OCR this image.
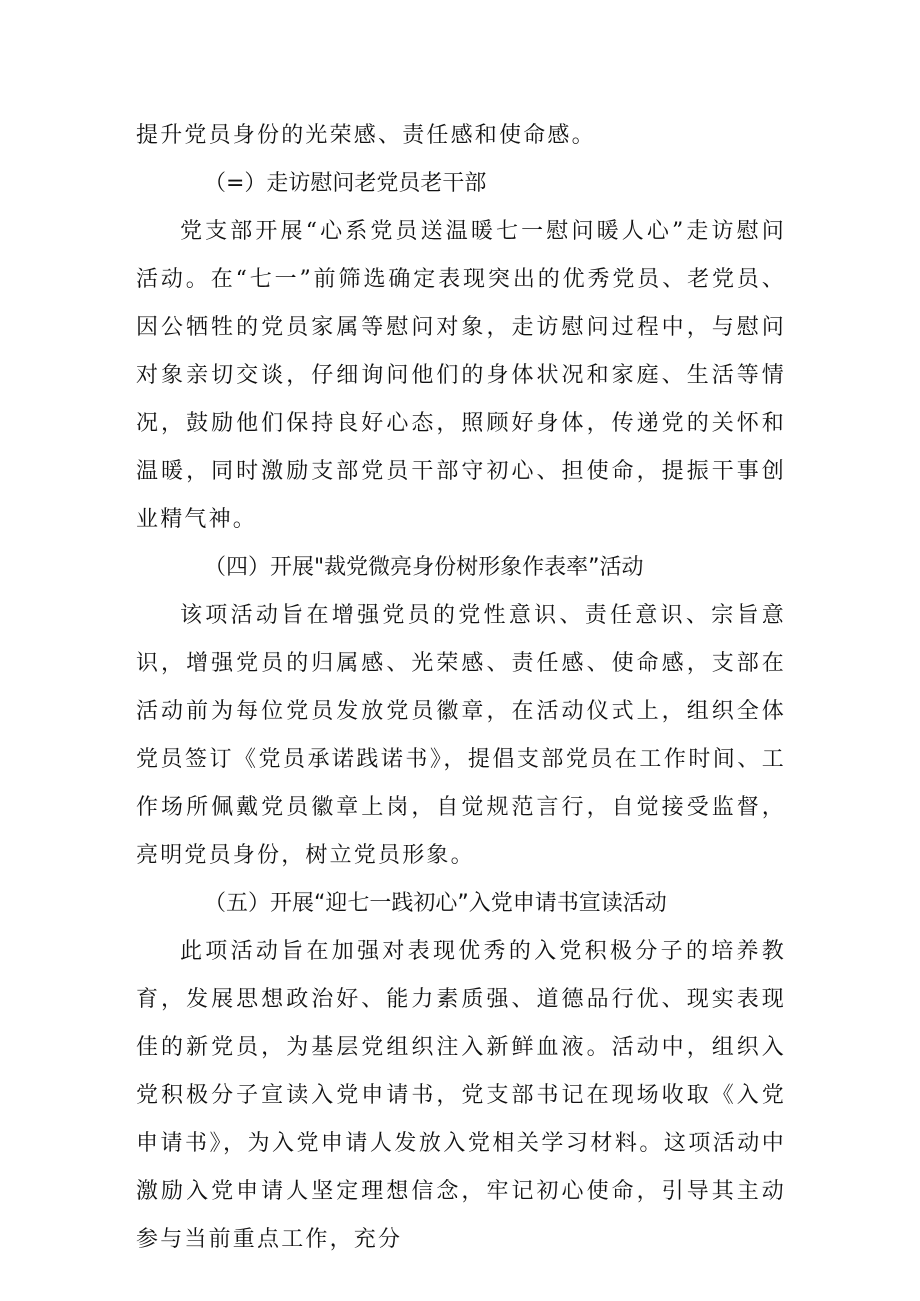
提升党员身份的光荣感、责任感和使命感。

（=）走访慰问老党员老干部

党支部开展“心系党员送温暖七一慰问暖人心”走访慰问活动。在“七一”前筛选确定表现突出的优秀党员、老党员、因公牺牲的党员家属等慰问对象，走访慰问过程中，与慰问对象亲切交谈，仔细询问他们的身体状况和家庭、生活等情况，鼓励他们保持良好心态，照顾好身体，传递党的关怀和温暖，同时激励支部党员干部守初心、担使命，提振干事创业精气神。

（四）开展"裁党微亮身份树形象作表率”活动

该项活动旨在增强党员的党性意识、责任意识、宗旨意识，增强党员的归属感、光荣感、责任感、使命感，支部在活动前为每位党员发放党员徽章，在活动仪式上，组织全体党员签订《党员承诺践诺书》，提倡支部党员在工作时间、工作场所佩戴党员徽章上岗，自觉规范言行，自觉接受监督，亮明党员身份，树立党员形象。

（五）开展“迎七一践初心”入党申请书宣读活动

此项活动旨在加强对表现优秀的入党积极分子的培养教育，发展思想政治好、能力素质强、道德品行优、现实表现佳的新党员，为基层党组织注入新鲜血液。活动中，组织入党积极分子宣读入党申请书，党支部书记在现场收取《入党申请书》，为入党申请人发放入党相关学习材料。这项活动中激励入党申请人坚定理想信念，牢记初心使命，引导其主动参与当前重点工作，充分
